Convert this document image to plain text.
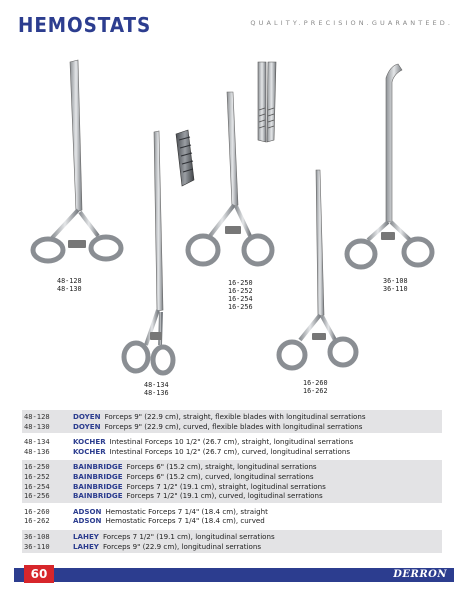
HEMOSTATS	QUALITY.PRECISION.GUARANTEED.
48-128
48-130
48-134
48-136
16-250
16-252
16-254
16-256
16-260
16-262
36-108
36-110
48-128	DOYEN Forceps 9" (22.9 cm), straight, flexible blades with longitudinal serrations
48-130	DOYEN Forceps 9" (22.9 cm), curved, flexible blades with longitudinal serrations
48-134	KOCHER Intestinal Forceps 10 1/2" (26.7 cm), straight, longitudinal serrations
48-136	KOCHER Intestinal Forceps 10 1/2" (26.7 cm), curved, longitudinal serrations
16-250	BAINBRIDGE Forceps 6" (15.2 cm), straight, longitudinal serrations
16-252	BAINBRIDGE Forceps 6" (15.2 cm), curved, longitudinal serrations
16-254	BAINBRIDGE Forceps 7 1/2" (19.1 cm), straight, logitudinal serrations
16-256	BAINBRIDGE Forceps 7 1/2" (19.1 cm), curved, logitudinal serrations
16-260	ADSON Hemostatic Forceps 7 1/4" (18.4 cm), straight
16-262	ADSON Hemostatic Forceps 7 1/4" (18.4 cm), curved
36-108	LAHEY Forceps 7 1/2" (19.1 cm), longitudinal serrations
36-110	LAHEY Forceps 9" (22.9 cm), longitudinal serrations
60	DERRON
